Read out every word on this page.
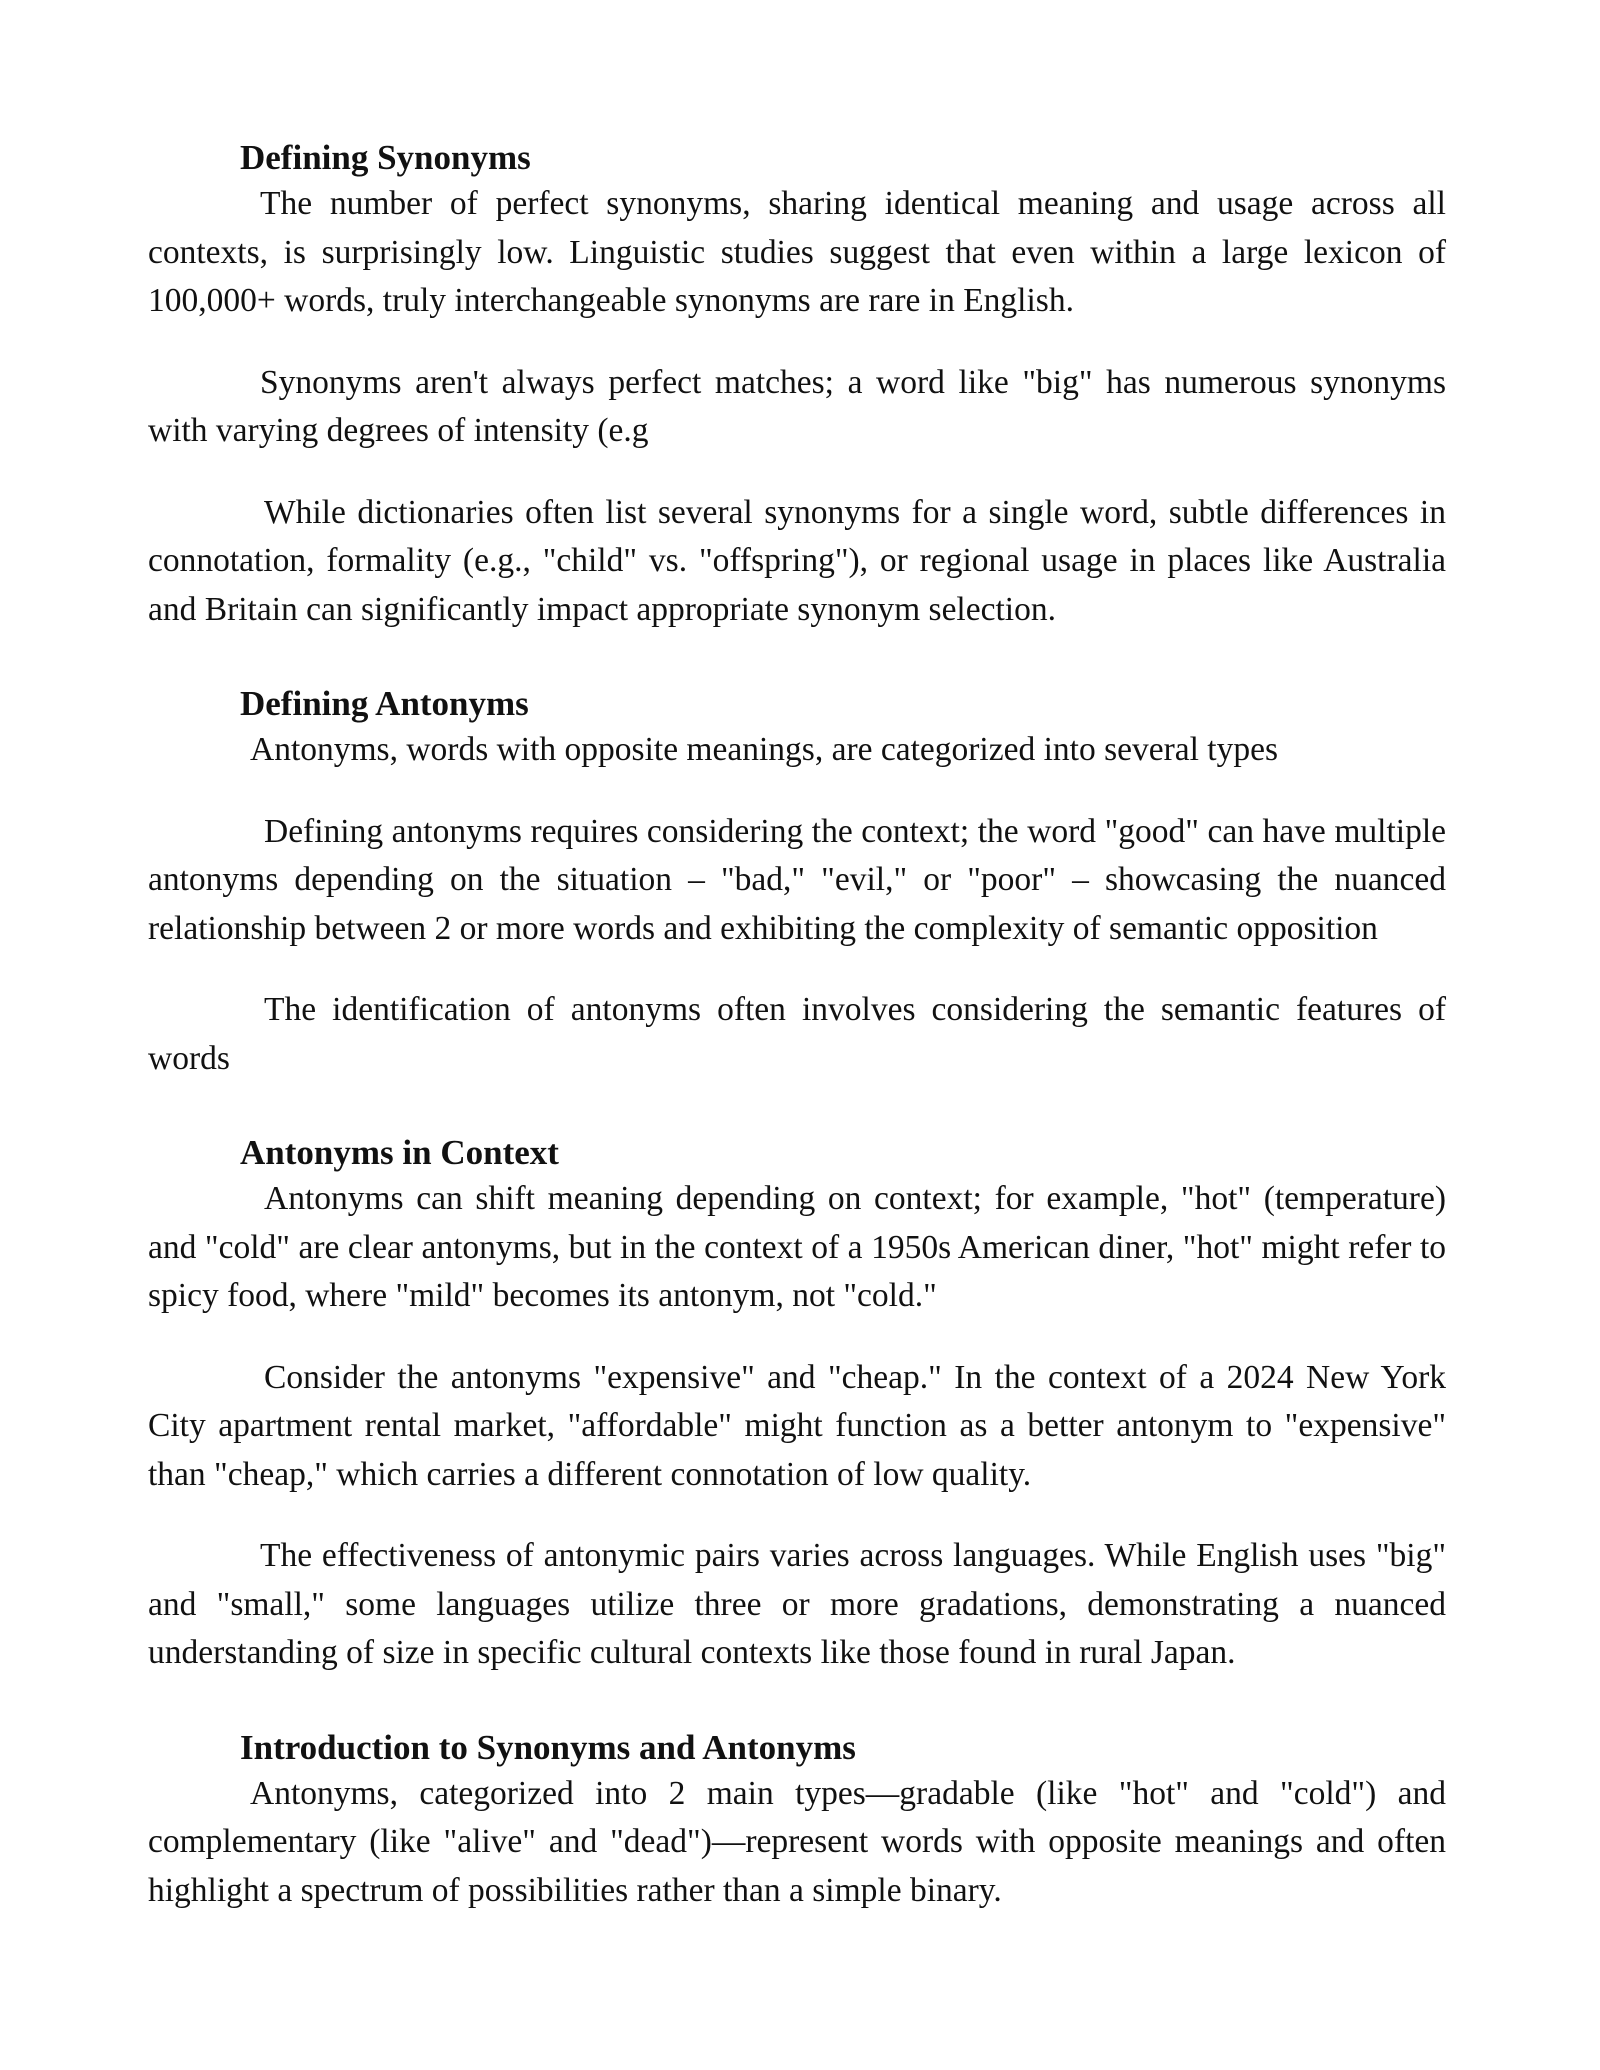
Defining Synonyms

The number of perfect synonyms, sharing identical meaning and usage across all contexts, is surprisingly low. Linguistic studies suggest that even within a large lexicon of 100,000+ words, truly interchangeable synonyms are rare in English.

Synonyms aren't always perfect matches; a word like "big" has numerous synonyms with varying degrees of intensity (e.g

While dictionaries often list several synonyms for a single word, subtle differences in connotation, formality (e.g., "child" vs. "offspring"), or regional usage in places like Australia and Britain can significantly impact appropriate synonym selection.

Defining Antonyms

Antonyms, words with opposite meanings, are categorized into several types

Defining antonyms requires considering the context; the word "good" can have multiple antonyms depending on the situation – "bad," "evil," or "poor" – showcasing the nuanced relationship between 2 or more words and exhibiting the complexity of semantic opposition

The identification of antonyms often involves considering the semantic features of words

Antonyms in Context

Antonyms can shift meaning depending on context; for example, "hot" (temperature) and "cold" are clear antonyms, but in the context of a 1950s American diner, "hot" might refer to spicy food, where "mild" becomes its antonym, not "cold."

Consider the antonyms "expensive" and "cheap." In the context of a 2024 New York City apartment rental market, "affordable" might function as a better antonym to "expensive" than "cheap," which carries a different connotation of low quality.

The effectiveness of antonymic pairs varies across languages. While English uses "big" and "small," some languages utilize three or more gradations, demonstrating a nuanced understanding of size in specific cultural contexts like those found in rural Japan.

Introduction to Synonyms and Antonyms

Antonyms, categorized into 2 main types—gradable (like "hot" and "cold") and complementary (like "alive" and "dead")—represent words with opposite meanings and often highlight a spectrum of possibilities rather than a simple binary.
